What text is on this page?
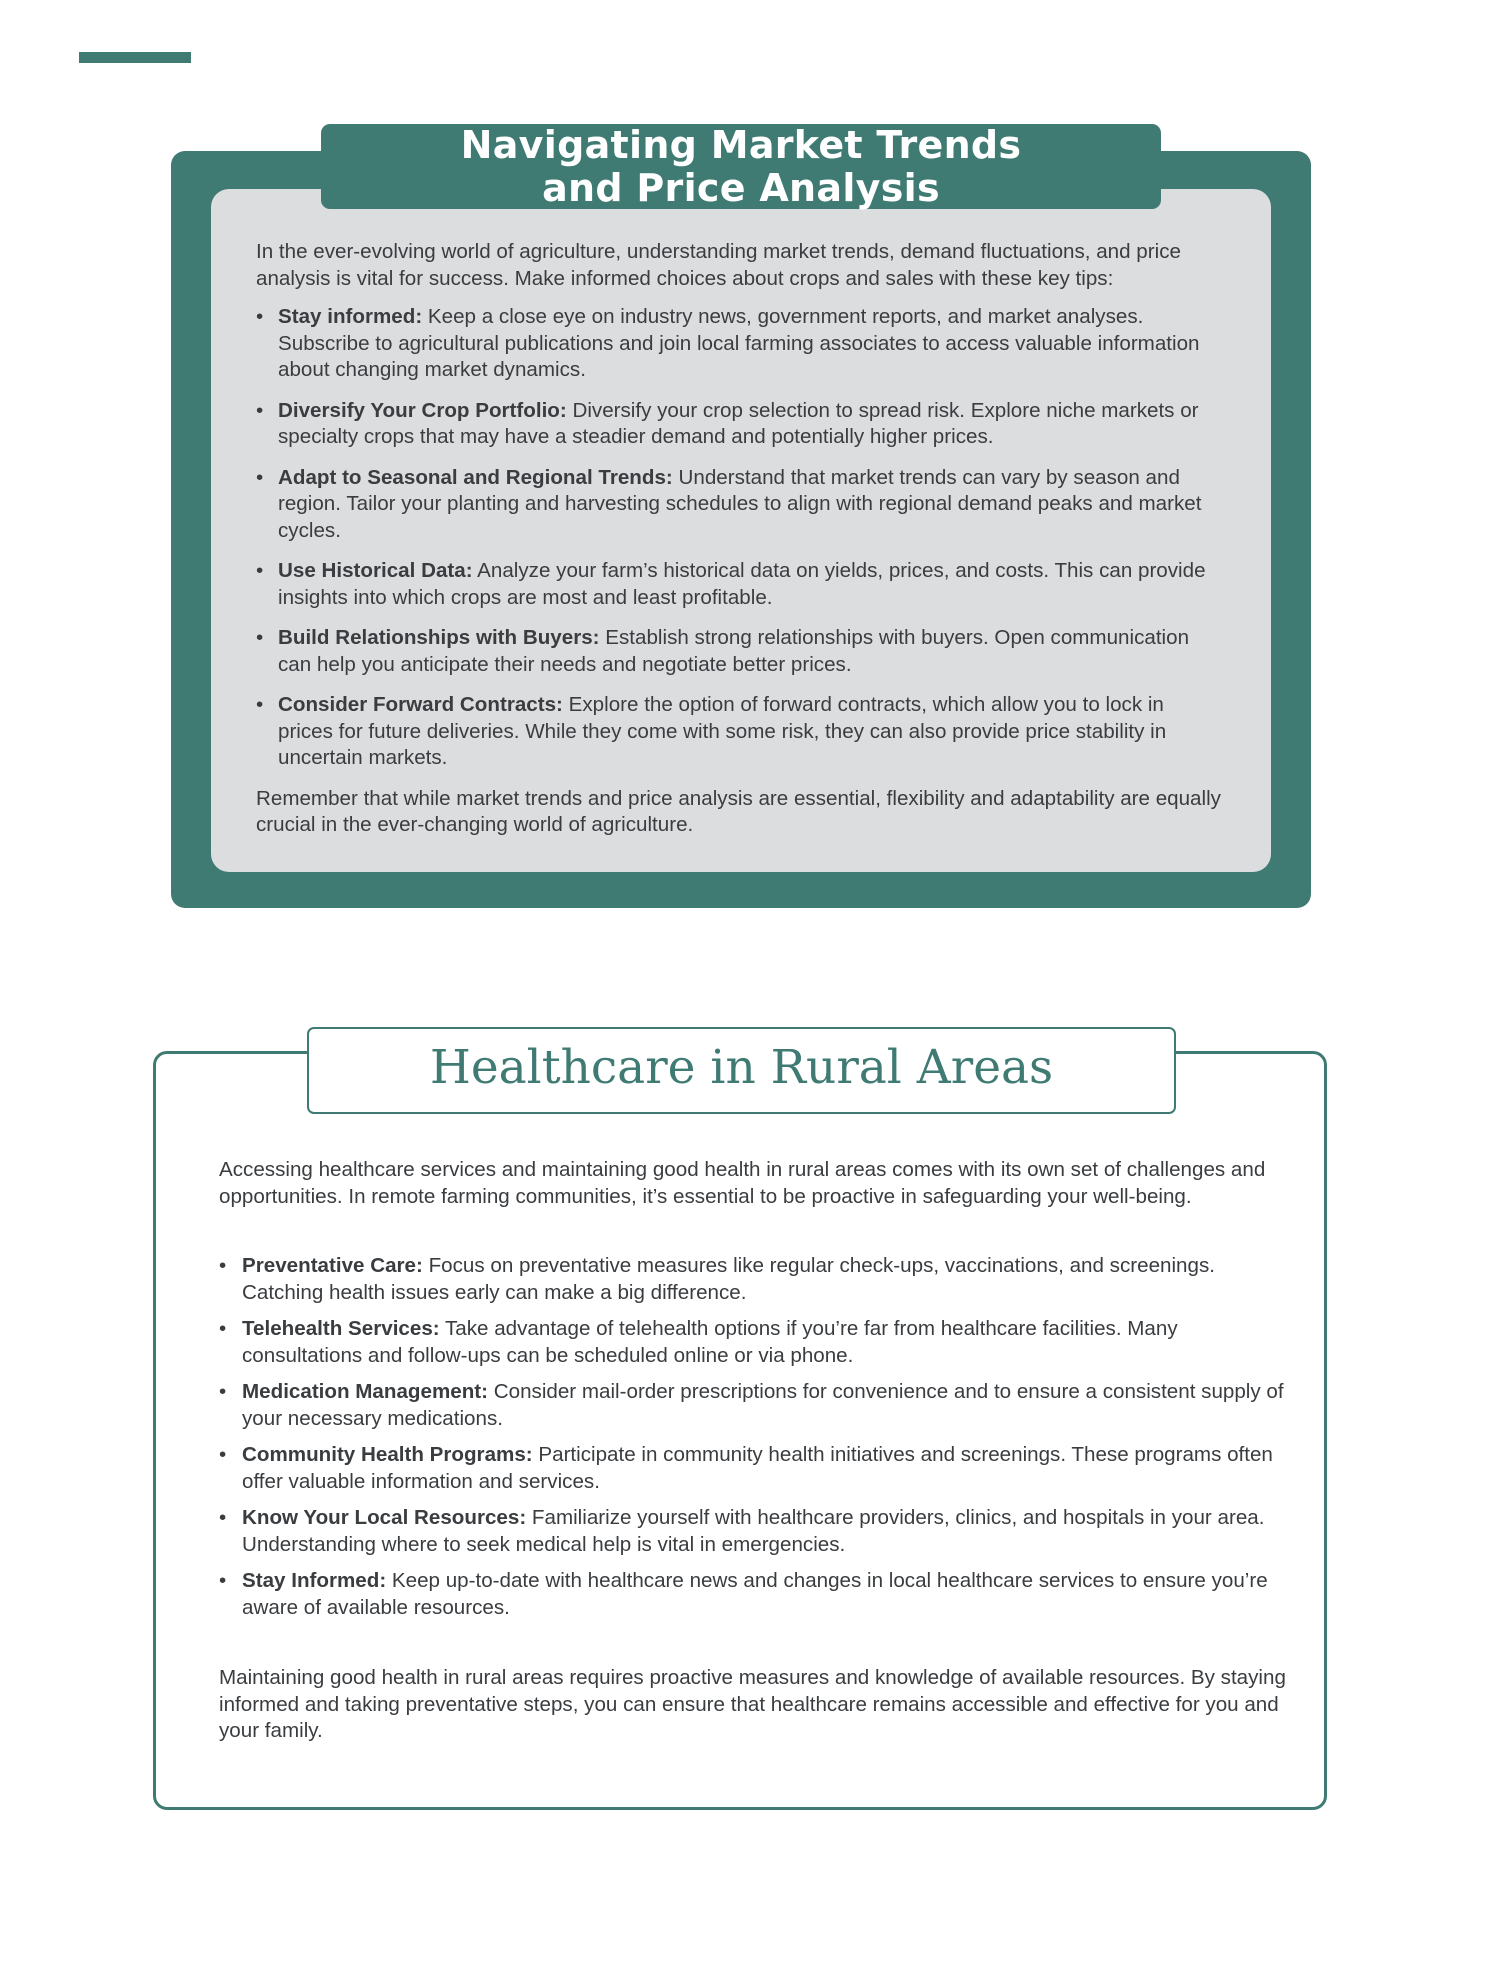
In the ever-evolving world of agriculture, understanding market trends, demand fluctuations, and price analysis is vital for success. Make informed choices about crops and sales with these key tips:

• Stay informed: Keep a close eye on industry news, government reports, and market analyses. Subscribe to agricultural publications and join local farming associates to access valuable information about changing market dynamics.
• Diversify Your Crop Portfolio: Diversify your crop selection to spread risk. Explore niche markets or specialty crops that may have a steadier demand and potentially higher prices.
• Adapt to Seasonal and Regional Trends: Understand that market trends can vary by season and region. Tailor your planting and harvesting schedules to align with regional demand peaks and market cycles.
• Use Historical Data: Analyze your farm’s historical data on yields, prices, and costs. This can provide insights into which crops are most and least profitable.
• Build Relationships with Buyers: Establish strong relationships with buyers. Open communication can help you anticipate their needs and negotiate better prices.
• Consider Forward Contracts: Explore the option of forward contracts, which allow you to lock in prices for future deliveries. While they come with some risk, they can also provide price stability in uncertain markets.

Remember that while market trends and price analysis are essential, flexibility and adaptability are equally crucial in the ever-changing world of agriculture.

Navigating Market Trends
and Price Analysis
Healthcare in Rural Areas

Accessing healthcare services and maintaining good health in rural areas comes with its own set of challenges and opportunities. In remote farming communities, it’s essential to be proactive in safeguarding your well-being.

• Preventative Care: Focus on preventative measures like regular check-ups, vaccinations, and screenings. Catching health issues early can make a big difference.
• Telehealth Services: Take advantage of telehealth options if you’re far from healthcare facilities. Many consultations and follow-ups can be scheduled online or via phone.
• Medication Management: Consider mail-order prescriptions for convenience and to ensure a consistent supply of your necessary medications.
• Community Health Programs: Participate in community health initiatives and screenings. These programs often offer valuable information and services.
• Know Your Local Resources: Familiarize yourself with healthcare providers, clinics, and hospitals in your area. Understanding where to seek medical help is vital in emergencies.
• Stay Informed: Keep up-to-date with healthcare news and changes in local healthcare services to ensure you’re aware of available resources.

Maintaining good health in rural areas requires proactive measures and knowledge of available resources. By staying informed and taking preventative steps, you can ensure that healthcare remains accessible and effective for you and your family.
